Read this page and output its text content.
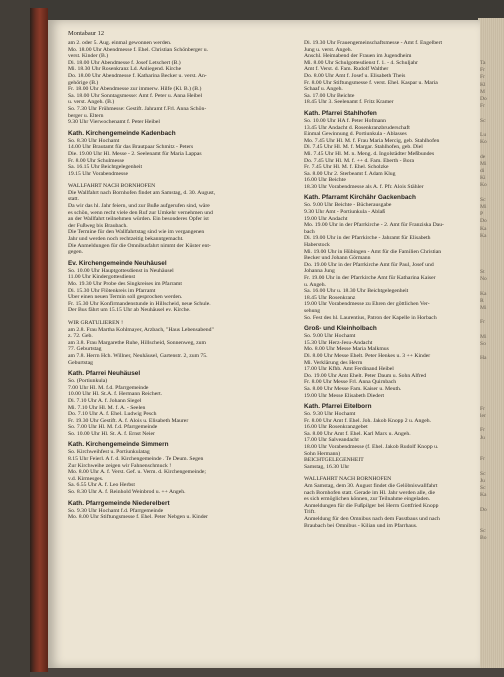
Montabaur 12
am 2. oder 5. Aug. einmal gewonnen werden.
Mo. 18.00 Uhr Abendmesse f. Ehel. Christian Schönberger u.
verst. Kinder (B.)
Di. 18.00 Uhr Abendmesse f. Josef Letschert (B.)
Mi. 18.30 Uhr Rosenkranz Ld. Anliegend. Kirche
Do. 18.00 Uhr Abendmesse f. Katharina Becker u. verst. An-
gehörige (B.)
Fr. 18.00 Uhr Abendmesse zur immerw. Hilfe (Kl. B.) (B.)
Sa. 18.00 Uhr Sonntagsmesse: Amt f. Peter u. Anna Heibel
u. verst. Angeh. (B.)
So. 7.30 Uhr Frühmesse: Gestift. Jahramt f.Frl. Anna Schön-
berger u. Eltern
9.30 Uhr Vierwochenamt f. Peter Heibel
Kath. Kirchengemeinde Kadenbach
So. 8.30 Uhr Hochamt
14.00 Uhr Brautamt für das Brautpaar Schmitz - Peters
Die. 19.00 Uhr Hl. Messe - 2. Seelenamt für Maria Lappas
Fr. 8.00 Uhr Schulmesse
Sa. 16.15 Uhr Beichtgelegenheit
19.15 Uhr Vorabendmesse
WALLFAHRT NACH BORNHOFEN
Die Wallfahrt nach Bornhofen findet am Samstag, d. 30. August,
statt.
Da wir das hl. Jahr feiern, und zur Buße aufgerufen sind, wäre
es schön, wenn recht viele den Ruf zur Umkehr vernehmen und
an der Wallfahrt teilnehmen würden. Ein besonderes Opfer ist
der Fußweg bis Braubach.
Die Termine für den Wallfahrtstag sind wie im vergangenen
Jahr und werden noch rechtzeitig bekanntgemacht.
Die Anmeldungen für die Omnibusfahrt nimmt der Küster ent-
gegen.
Ev. Kirchengemeinde Neuhäusel
So. 10.00 Uhr Hauptgottesdienst in Neuhäusel
11.00 Uhr Kindergottesdienst
Mo. 19.30 Uhr Probe des Singkreises im Pfarramt
Di. 15.30 Uhr Flötenkreis im Pfarramt
Über einen neuen Termin soll gesprochen werden.
Fr. 15.30 Uhr Konfirmandenstunde in Hillscheid, neue Schule.
Der Bus fährt um 15.15 Uhr ab Neuhäusel ev. Kirche.
WIR GRATULIEREN !
am 2.8. Frau Martha Kohlmayer, Arzbach, "Haus Lebensabend"
z. 72. Geb.
am 3.8. Frau Margarethe Ruhe, Hillscheid, Sonnenweg, zum
77. Geburtstag
am 7.8. Herrn Hch. Willner, Neuhäusel, Gartenstr. 2, zum 75.
Geburtstag
Kath. Pfarrei Neuhäusel
So. (Portiunkula)
7.00 Uhr Hl. M. f.d. Pfarrgemeinde
10.00 Uhr Hl. St.A. f. Hermann Reichert.
Di. 7.10 Uhr A. f. Johann Siegel
Mi. 7.10 Uhr Hl. M. f. A. - Seelen
Do. 7.10 Uhr A. f. Ehel. Ludwig Pesch
Fr. 19.30 Uhr Gestift. A. f. Alois u. Elisabeth Maurer
So. 7.00 Uhr Hl. M. f.d. Pfarrgemeinde
So. 10.00 Uhr Hl. St. A. f. Ernst Neier
Kath. Kirchengemeinde Simmern
So. Kirchweihfest u. Portiunkulatag
8.15 Uhr Feierl. A f. d. Kirchengemeinde . Te Deum. Segen
Zur Kirchweihe zeigen wir Fahnenschmuck !
Mo. 8.00 Uhr A. f. Verst. Gef. u. Verm. d. Kirchengemeinde;
v.d. Kirmesges.
Sa. 6.55 Uhr A. f. Leo Herbst
So. 8.30 Uhr A. f. Reinhold Weinbrod u. ++ Angeh.
Kath. Pfarrgemeinde Niederelbert
So. 9.30 Uhr Hochamt f.d. Pfarrgemeinde
Mo. 8.00 Uhr Stiftungsmesse f. Ehel. Peter Nebgen u. Kinder
Di. 19.30 Uhr Frauengemeinschaftsmesse - Amt f. Engelbert
Jung u. verst. Angeh.
Anschl. Heimabend der Frauen im Jugendheim
Mi. 8.00 Uhr Schulgottesdienst f. 1. - 4. Schuljahr
Amt f. Verst. d. Fam. Rudolf Walther
Do. 8.00 Uhr Amt f. Josef u. Elisabeth Theis
Fr. 8.00 Uhr Stiftungsmesse f. verst. Ehel. Kaspar u. Maria
Schaaf u. Angeh.
Sa. 17.00 Uhr Beichte
18.45 Uhr 3. Seelenamt f. Fritz Kramer
Kath. Pfarrei Stahlhofen
So. 10.00 Uhr HA f. Peter Hofmann
13.45 Uhr Andacht d. Rosenkranzbruderschaft
Einmal Gewinnung d. Portiunkula - Ablasses
Mo. 7.45 Uhr Hl. M. f. Frau Maria Mercig, geb. Stahlhofen
Di. 7.45 Uhr Hl. M. f. Margar. Stahlhofen, geb. Diel
Mi. 7.45 Uhr Hl. M. n. Meng. d. Ingolstädter Meßbundes
Do. 7.45 Uhr Hl. M. f. ++ d. Fam. Eberth - Bora
Fr. 7.45 Uhr Hl. M. f. Ehel. Scholzke
Sa. 8.00 Uhr 2. Sterbeamt f. Adam Klug
16.00 Uhr Beichte
18.30 Uhr Vorabendmesse als A. f. Pfr. Alois Stähler
Kath. Pfarramt Kirchähr Gackenbach
So. 9.00 Uhr Beichte - Bücherausgabe
9.30 Uhr Amt - Portiunkula - Ablaß
19.00 Uhr Andacht
Mo. 19.00 Uhr in der Pfarrkirche - 2. Amt für Franziska Dau-
bach
Di. 19.00 Uhr in der Pfarrkirche - Jahramt für Elisabeth
Haberstock
Mi. 19.00 Uhr in Hübingen - Amt für die Familien Christian
Becker und Johann Görmann
Do. 19.00 Uhr in der Pfarrkirche Amt für Paul, Josef und
Johanna Jung
Fr. 19.00 Uhr in der Pfarrkirche Amt für Katharina Kaiser
u. Angeh.
Sa. 16.00 Uhr u. 18.30 Uhr Beichtgelegenheit
18.45 Uhr Rosenkranz
19.00 Uhr Vorabendmesse zu Ehren der göttlichen Ver-
sehung
So. Fest des hl. Laurentius, Patron der Kapelle in Horbach
Groß- und Kleinholbach
So. 9.00 Uhr Hochamt
15.30 Uhr Herz-Jesu-Andacht
Mo. 8.00 Uhr Messe Maria Malkmus
Di. 8.00 Uhr Messe Ehelt. Peter Henkes u. 3 ++ Kinder
Mi. Verklärung des Herrn
17.00 Uhr Kfhb. Amt Ferdinand Heibel
Do. 19.00 Uhr Amt Ehelt. Peter Daum u. Sohn Alfred
Fr. 8.00 Uhr Messe Frl. Anna Quirnbach
Sa. 8.00 Uhr Messe Fam. Kaiser u. Meuth.
19.00 Uhr Messe Elisabeth Diedert
Kath. Pfarrei Eitelborn
So. 9.30 Uhr Hochamt
Fr. 8.00 Uhr Amt f. Ehel. Joh. Jakob Knopp 2 u. Angeh.
16.00 Uhr Rosenkranzgebet
Sa. 8.00 Uhr Amt f. Ehel. Karl Marx u. Angeh.
17.00 Uhr Salveandacht
18.00 Uhr Vorabendmesse (f. Ehel. Jakob Rudolf Knopp u.
Sohn Hermann)
BEICHTGELEGENHEIT
Samstag, 16.30 Uhr
WALLFAHRT NACH BORNHOFEN
Am Samstag, dem 30. August findet die Gelöbniswallfahrt
nach Bornhofen statt. Gerade im Hl. Jahr werden alle, die
es sich ermöglichen können, zur Teilnahme eingeladen.
Anmeldungen für die Fußpilger bei Herrn Gottfried Knopp
Trift.
Anmeldung für den Omnibus nach dem Fasstbaus und nach
Braubach bei Omnibus - Kilian und im Pfarrhaus.
Ta
Fr
Fr
Kl
M
Do
Fr

Sc

Lu
Ko

de
Mi
di
Ki
Ko

Sc
Mi
P
Do
Ka
Ka

St
No

Ka
R
Mi

Fr

Mi
So

Ha

Fr
ler

Fr
Ju

Fr

Sc
Ju
Sc
Ka

Do

Sc
Bo
